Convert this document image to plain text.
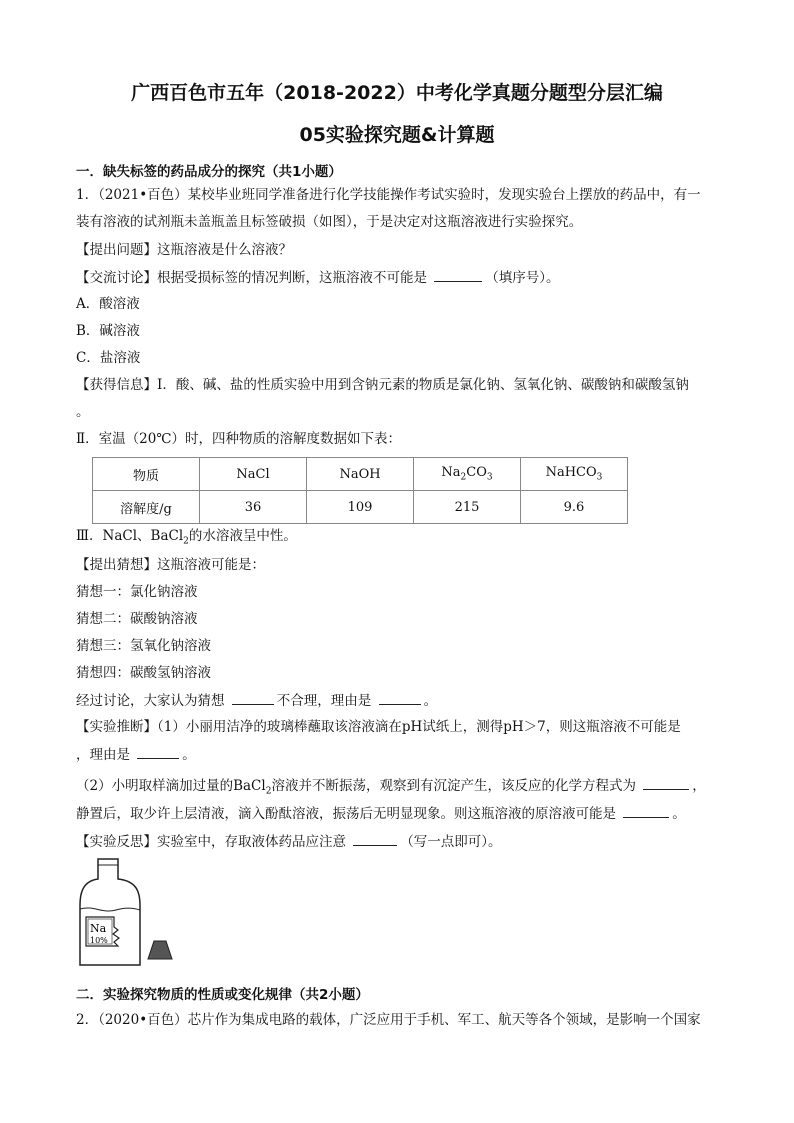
广西百色市五年（2018-2022）中考化学真题分题型分层汇编
05实验探究题&计算题
一．缺失标签的药品成分的探究（共1小题）
1．（2021•百色）某校毕业班同学准备进行化学技能操作考试实验时，发现实验台上摆放的药品中，有一
装有溶液的试剂瓶未盖瓶盖且标签破损（如图），于是决定对这瓶溶液进行实验探究。
【提出问题】这瓶溶液是什么溶液？
【交流讨论】根据受损标签的情况判断，这瓶溶液不可能是	（填序号）。
A．酸溶液
B．碱溶液
C．盐溶液
【获得信息】Ⅰ．酸、碱、盐的性质实验中用到含钠元素的物质是氯化钠、氢氧化钠、碳酸钠和碳酸氢钠
。
Ⅱ．室温（20℃）时，四种物质的溶解度数据如下表：
物质	NaCl	NaOH	$Na_2CO_3$	NaHCO$_3$
溶解度/g	36	109	215	9.6
Ⅲ．NaCl、BaCl$_2$的水溶液呈中性。
【提出猜想】这瓶溶液可能是：
猜想一：氯化钠溶液
猜想二：碳酸钠溶液
猜想三：氢氧化钠溶液
猜想四：碳酸氢钠溶液
经过讨论，大家认为猜想	不合理，理由是	。
【实验推断】（1）小丽用洁净的玻璃棒蘸取该溶液滴在pH试纸上，测得pH＞7，则这瓶溶液不可能是
，理由是	。
（2）小明取样滴加过量的BaCl$_2$溶液并不断振荡，观察到有沉淀产生，该反应的化学方程式为	，
静置后，取少许上层清液，滴入酚酞溶液，振荡后无明显现象。则这瓶溶液的原溶液可能是	。
【实验反思】实验室中，存取液体药品应注意	（写一点即可）。
Na
10%
二．实验探究物质的性质或变化规律（共2小题）
2．（2020•百色）芯片作为集成电路的载体，广泛应用于手机、军工、航天等各个领域，是影响一个国家
